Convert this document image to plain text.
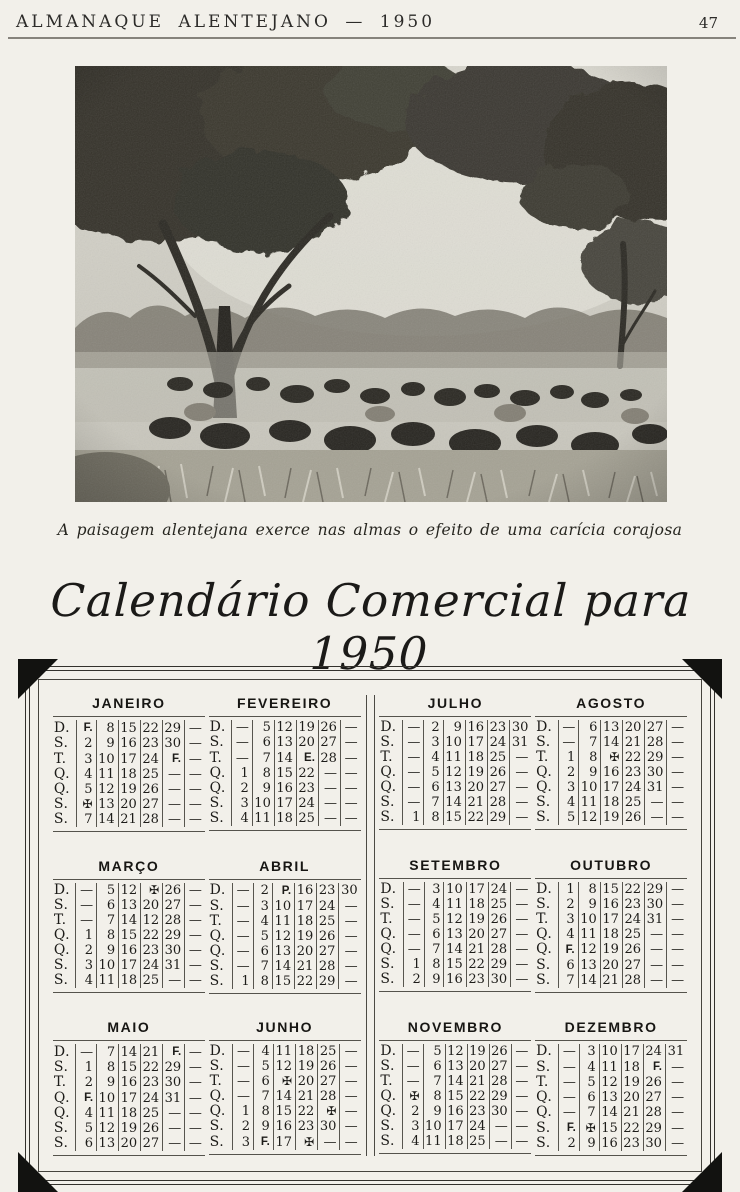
ALMANAQUE ALENTEJANO — 1950	47
A paisagem alentejana exerce nas almas o efeito de uma carícia corajosa
Calendário Comercial para 1950
JANEIRO
D.	F.	8	15	22	29	—
S.	2	9	16	23	30	—
T.	3	10	17	24	F.	—
Q.	4	11	18	25	—	—
Q.	5	12	19	26	—	—
S.	✠	13	20	27	—	—
S.	7	14	21	28	—	—
FEVEREIRO
D.	—	5	12	19	26	—
S.	—	6	13	20	27	—
T.	—	7	14	E.	28	—
Q.	1	8	15	22	—	—
Q.	2	9	16	23	—	—
S.	3	10	17	24	—	—
S.	4	11	18	25	—	—
MARÇO
D.	—	5	12	✠	26	—
S.	—	6	13	20	27	—
T.	—	7	14	12	28	—
Q.	1	8	15	22	29	—
Q.	2	9	16	23	30	—
S.	3	10	17	24	31	—
S.	4	11	18	25	—	—
ABRIL
D.	—	2	P.	16	23	30
S.	—	3	10	17	24	—
T.	—	4	11	18	25	—
Q.	—	5	12	19	26	—
Q.	—	6	13	20	27	—
S.	—	7	14	21	28	—
S.	1	8	15	22	29	—
MAIO
D.	—	7	14	21	F.	—
S.	1	8	15	22	29	—
T.	2	9	16	23	30	—
Q.	F.	10	17	24	31	—
Q.	4	11	18	25	—	—
S.	5	12	19	26	—	—
S.	6	13	20	27	—	—
JUNHO
D.	—	4	11	18	25	—
S.	—	5	12	19	26	—
T.	—	6	✠	20	27	—
Q.	—	7	14	21	28	—
Q.	1	8	15	22	✠	—
S.	2	9	16	23	30	—
S.	3	F.	17	✠	—	—
JULHO
D.	—	2	9	16	23	30
S.	—	3	10	17	24	31
T.	—	4	11	18	25	—
Q.	—	5	12	19	26	—
Q.	—	6	13	20	27	—
S.	—	7	14	21	28	—
S.	1	8	15	22	29	—
AGOSTO
D.	—	6	13	20	27	—
S.	—	7	14	21	28	—
T.	1	8	✠	22	29	—
Q.	2	9	16	23	30	—
Q.	3	10	17	24	31	—
S.	4	11	18	25	—	—
S.	5	12	19	26	—	—
SETEMBRO
D.	—	3	10	17	24	—
S.	—	4	11	18	25	—
T.	—	5	12	19	26	—
Q.	—	6	13	20	27	—
Q.	—	7	14	21	28	—
S.	1	8	15	22	29	—
S.	2	9	16	23	30	—
OUTUBRO
D.	1	8	15	22	29	—
S.	2	9	16	23	30	—
T.	3	10	17	24	31	—
Q.	4	11	18	25	—	—
Q.	F.	12	19	26	—	—
S.	6	13	20	27	—	—
S.	7	14	21	28	—	—
NOVEMBRO
D.	—	5	12	19	26	—
S.	—	6	13	20	27	—
T.	—	7	14	21	28	—
Q.	✠	8	15	22	29	—
Q.	2	9	16	23	30	—
S.	3	10	17	24	—	—
S.	4	11	18	25	—	—
DEZEMBRO
D.	—	3	10	17	24	31
S.	—	4	11	18	F.	—
T.	—	5	12	19	26	—
Q.	—	6	13	20	27	—
Q.	—	7	14	21	28	—
S.	F.	✠	15	22	29	—
S.	2	9	16	23	30	—
